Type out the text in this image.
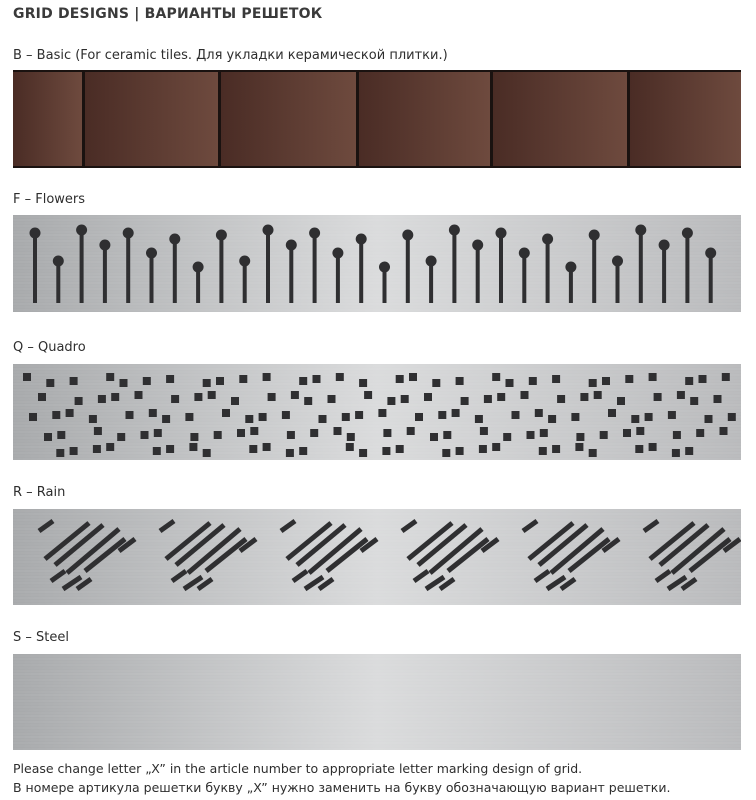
GRID DESIGNS | ВАРИАНТЫ РЕШЕТОК
B – Basic (For ceramic tiles. Для укладки керамической плитки.)
F – Flowers
Q – Quadro
R – Rain
S – Steel
Please change letter „X” in the article number to appropriate letter marking design of grid.
В номере артикула решетки букву „X” нужно заменить на букву обозначающую вариант решетки.
